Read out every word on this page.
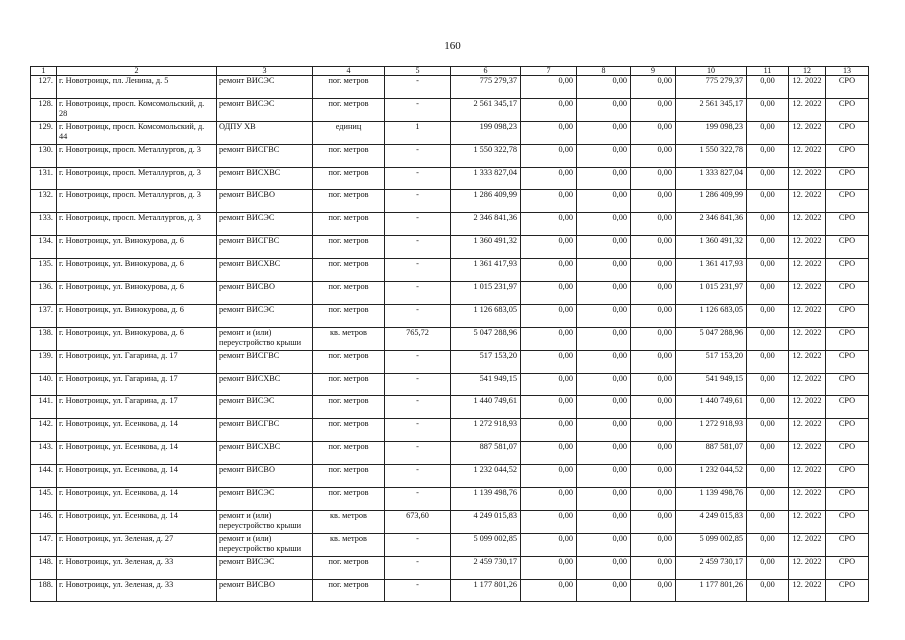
160
1	2	3	4	5	6	7	8	9	10	11	12	13
127.	г. Новотроицк, пл. Ленина, д. 5	ремонт ВИСЭС	пог. метров	-	775 279,37	0,00	0,00	0,00	775 279,37	0,00	12. 2022	СРО
128.	г. Новотроицк, просп. Комсомольский, д. 28	ремонт ВИСЭС	пог. метров	-	2 561 345,17	0,00	0,00	0,00	2 561 345,17	0,00	12. 2022	СРО
129.	г. Новотроицк, просп. Комсомольский, д. 44	ОДПУ ХВ	единиц	1	199 098,23	0,00	0,00	0,00	199 098,23	0,00	12. 2022	СРО
130.	г. Новотроицк, просп. Металлургов, д. 3	ремонт ВИСГВС	пог. метров	-	1 550 322,78	0,00	0,00	0,00	1 550 322,78	0,00	12. 2022	СРО
131.	г. Новотроицк, просп. Металлургов, д. 3	ремонт ВИСХВС	пог. метров	-	1 333 827,04	0,00	0,00	0,00	1 333 827,04	0,00	12. 2022	СРО
132.	г. Новотроицк, просп. Металлургов, д. 3	ремонт ВИСВО	пог. метров	-	1 286 409,99	0,00	0,00	0,00	1 286 409,99	0,00	12. 2022	СРО
133.	г. Новотроицк, просп. Металлургов, д. 3	ремонт ВИСЭС	пог. метров	-	2 346 841,36	0,00	0,00	0,00	2 346 841,36	0,00	12. 2022	СРО
134.	г. Новотроицк, ул. Винокурова, д. 6	ремонт ВИСГВС	пог. метров	-	1 360 491,32	0,00	0,00	0,00	1 360 491,32	0,00	12. 2022	СРО
135.	г. Новотроицк, ул. Винокурова, д. 6	ремонт ВИСХВС	пог. метров	-	1 361 417,93	0,00	0,00	0,00	1 361 417,93	0,00	12. 2022	СРО
136.	г. Новотроицк, ул. Винокурова, д. 6	ремонт ВИСВО	пог. метров	-	1 015 231,97	0,00	0,00	0,00	1 015 231,97	0,00	12. 2022	СРО
137.	г. Новотроицк, ул. Винокурова, д. 6	ремонт ВИСЭС	пог. метров	-	1 126 683,05	0,00	0,00	0,00	1 126 683,05	0,00	12. 2022	СРО
138.	г. Новотроицк, ул. Винокурова, д. 6	ремонт и (или) переустройство крыши	кв. метров	765,72	5 047 288,96	0,00	0,00	0,00	5 047 288,96	0,00	12. 2022	СРО
139.	г. Новотроицк, ул. Гагарина, д. 17	ремонт ВИСГВС	пог. метров	-	517 153,20	0,00	0,00	0,00	517 153,20	0,00	12. 2022	СРО
140.	г. Новотроицк, ул. Гагарина, д. 17	ремонт ВИСХВС	пог. метров	-	541 949,15	0,00	0,00	0,00	541 949,15	0,00	12. 2022	СРО
141.	г. Новотроицк, ул. Гагарина, д. 17	ремонт ВИСЭС	пог. метров	-	1 440 749,61	0,00	0,00	0,00	1 440 749,61	0,00	12. 2022	СРО
142.	г. Новотроицк, ул. Есенкова, д. 14	ремонт ВИСГВС	пог. метров	-	1 272 918,93	0,00	0,00	0,00	1 272 918,93	0,00	12. 2022	СРО
143.	г. Новотроицк, ул. Есенкова, д. 14	ремонт ВИСХВС	пог. метров	-	887 581,07	0,00	0,00	0,00	887 581,07	0,00	12. 2022	СРО
144.	г. Новотроицк, ул. Есенкова, д. 14	ремонт ВИСВО	пог. метров	-	1 232 044,52	0,00	0,00	0,00	1 232 044,52	0,00	12. 2022	СРО
145.	г. Новотроицк, ул. Есенкова, д. 14	ремонт ВИСЭС	пог. метров	-	1 139 498,76	0,00	0,00	0,00	1 139 498,76	0,00	12. 2022	СРО
146.	г. Новотроицк, ул. Есенкова, д. 14	ремонт и (или) переустройство крыши	кв. метров	673,60	4 249 015,83	0,00	0,00	0,00	4 249 015,83	0,00	12. 2022	СРО
147.	г. Новотроицк, ул. Зеленая, д. 27	ремонт и (или) переустройство крыши	кв. метров	-	5 099 002,85	0,00	0,00	0,00	5 099 002,85	0,00	12. 2022	СРО
148.	г. Новотроицк, ул. Зеленая, д. 33	ремонт ВИСЭС	пог. метров	-	2 459 730,17	0,00	0,00	0,00	2 459 730,17	0,00	12. 2022	СРО
188.	г. Новотроицк, ул. Зеленая, д. 33	ремонт ВИСВО	пог. метров	-	1 177 801,26	0,00	0,00	0,00	1 177 801,26	0,00	12. 2022	СРО
